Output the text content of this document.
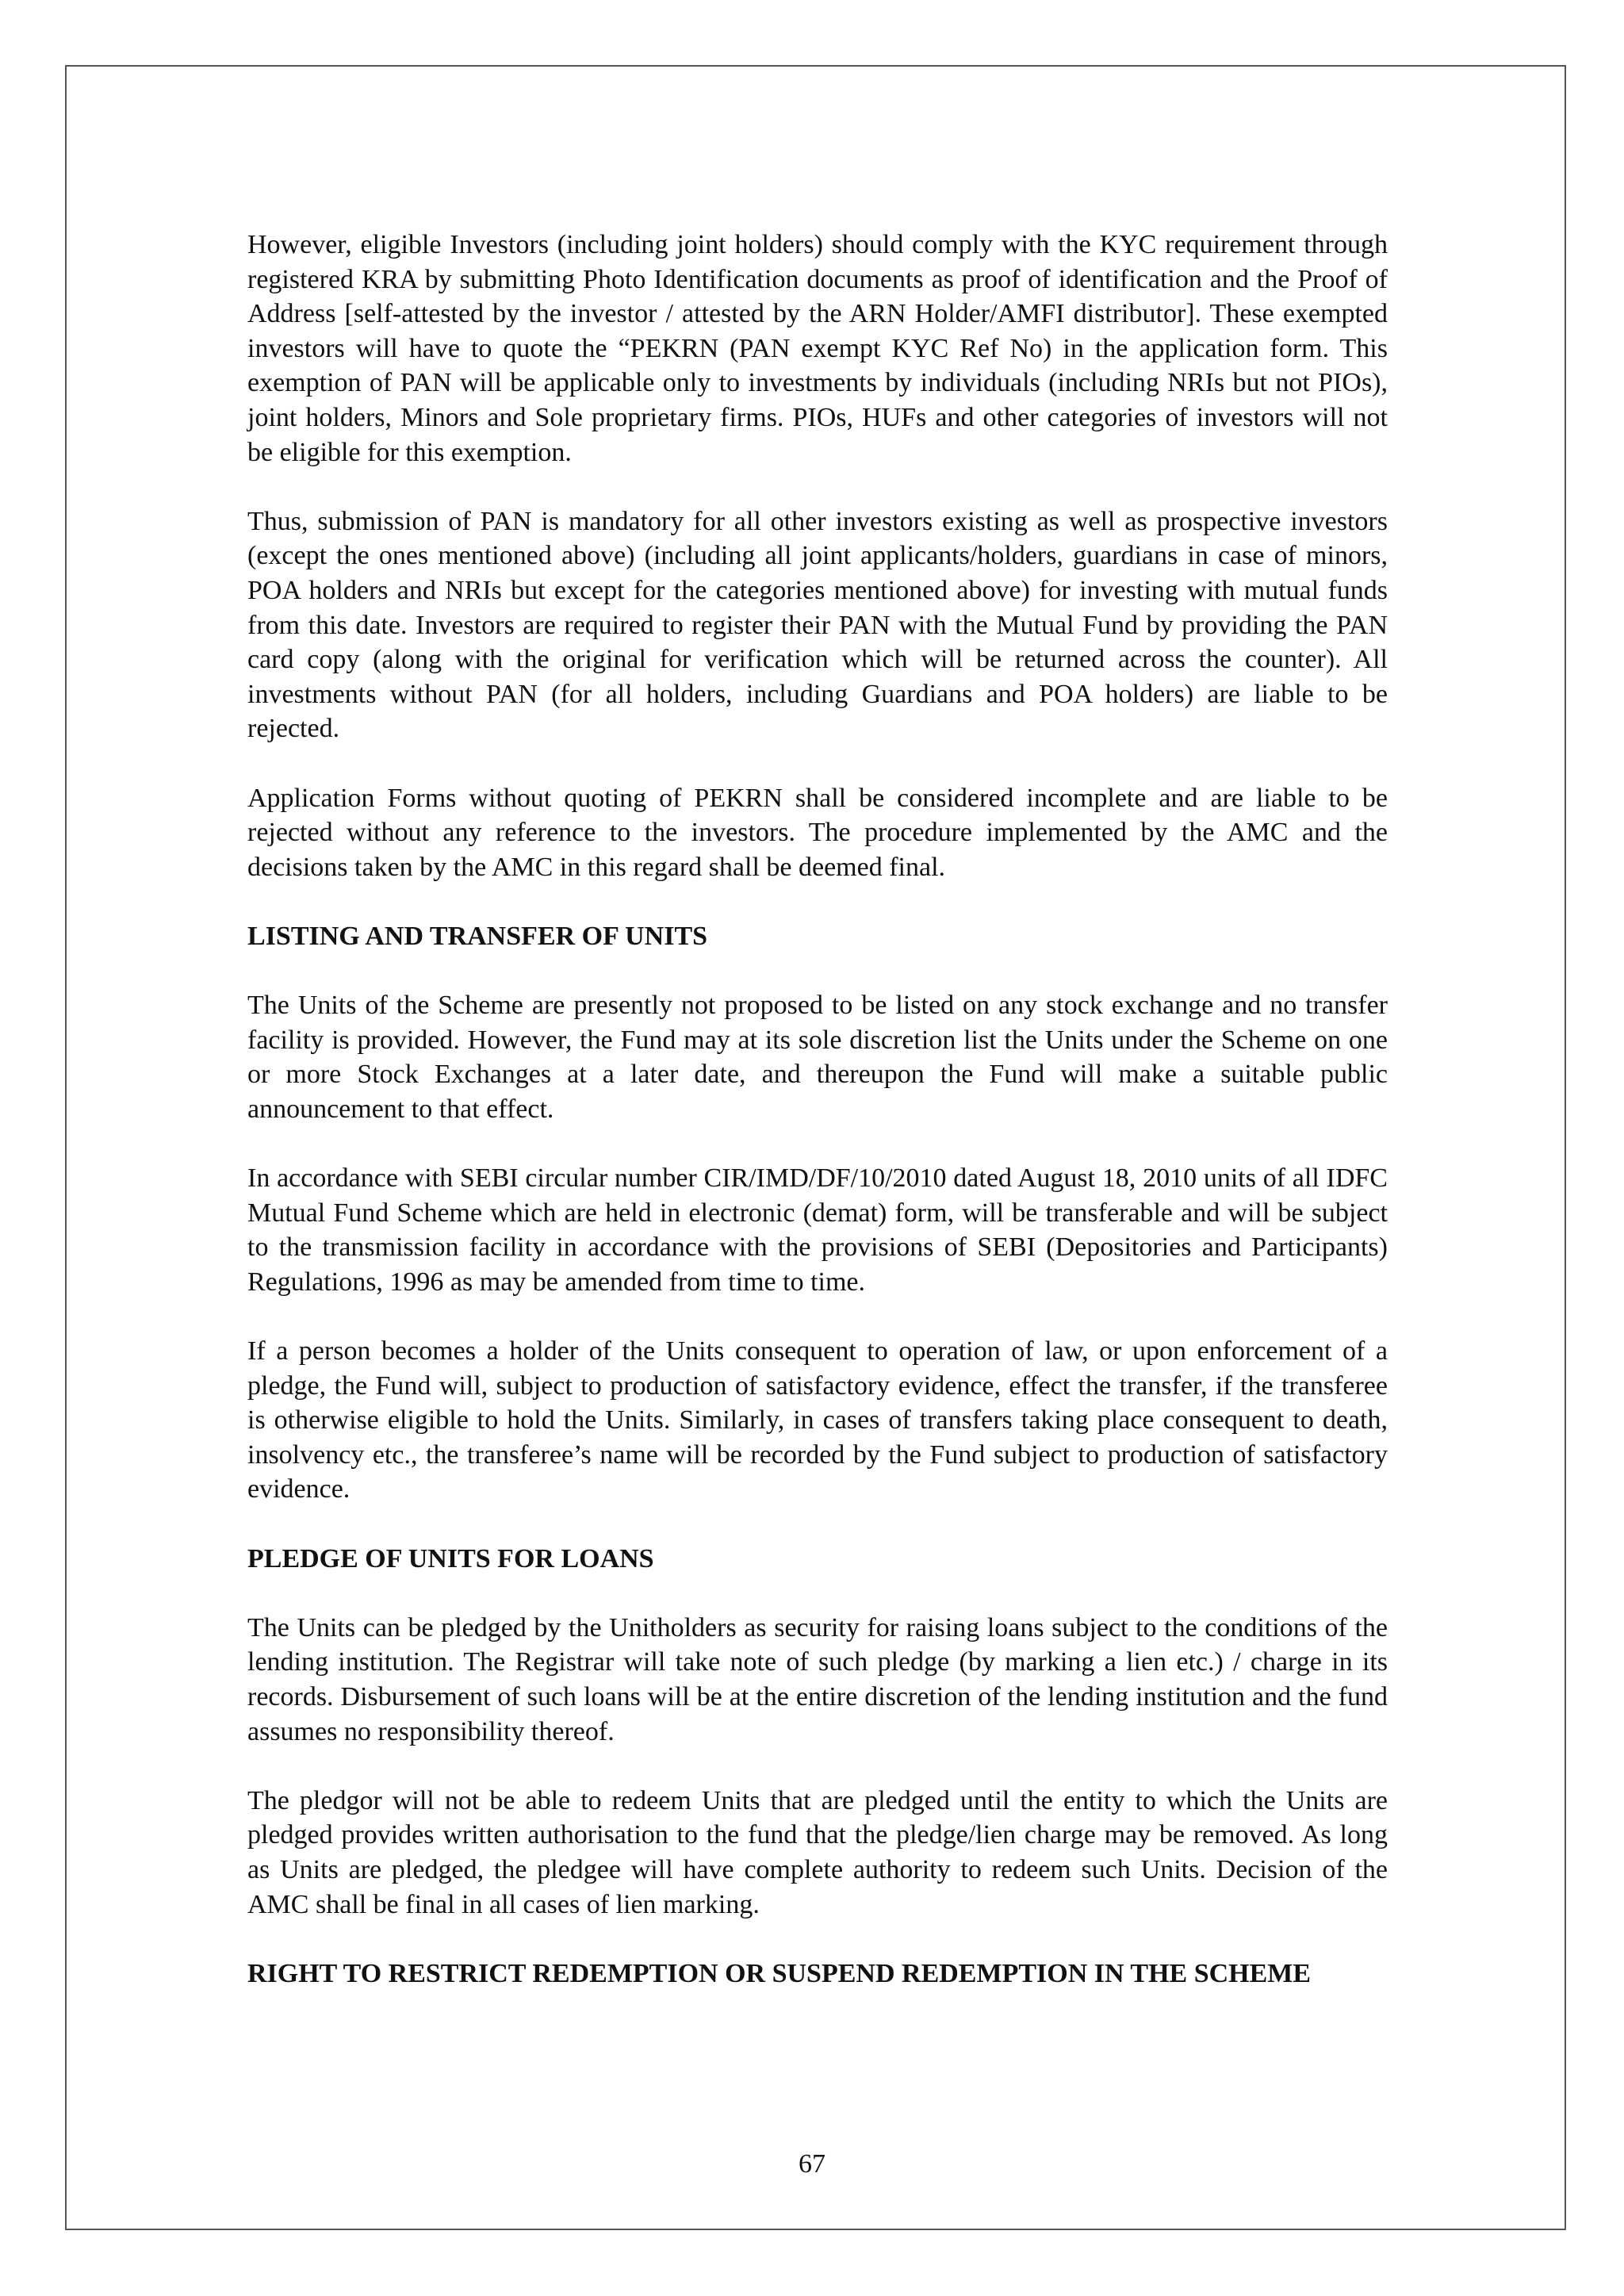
However, eligible Investors (including joint holders) should comply with the KYC requirement through registered KRA by submitting Photo Identification documents as proof of identification and the Proof of Address [self-attested by the investor / attested by the ARN Holder/AMFI distributor]. These exempted investors will have to quote the “PEKRN (PAN exempt KYC Ref No) in the application form. This exemption of PAN will be applicable only to investments by individuals (including NRIs but not PIOs), joint holders, Minors and Sole proprietary firms. PIOs, HUFs and other categories of investors will not be eligible for this exemption.

Thus, submission of PAN is mandatory for all other investors existing as well as prospective investors (except the ones mentioned above) (including all joint applicants/holders, guardians in case of minors, POA holders and NRIs but except for the categories mentioned above) for investing with mutual funds from this date. Investors are required to register their PAN with the Mutual Fund by providing the PAN card copy (along with the original for verification which will be returned across the counter). All investments without PAN (for all holders, including Guardians and POA holders) are liable to be rejected.

Application Forms without quoting of PEKRN shall be considered incomplete and are liable to be rejected without any reference to the investors. The procedure implemented by the AMC and the decisions taken by the AMC in this regard shall be deemed final.

LISTING AND TRANSFER OF UNITS

The Units of the Scheme are presently not proposed to be listed on any stock exchange and no transfer facility is provided. However, the Fund may at its sole discretion list the Units under the Scheme on one or more Stock Exchanges at a later date, and thereupon the Fund will make a suitable public announcement to that effect.

In accordance with SEBI circular number CIR/IMD/DF/10/2010 dated August 18, 2010 units of all IDFC Mutual Fund Scheme which are held in electronic (demat) form, will be transferable and will be subject to the transmission facility in accordance with the provisions of SEBI (Depositories and Participants) Regulations, 1996 as may be amended from time to time.

If a person becomes a holder of the Units consequent to operation of law, or upon enforcement of a pledge, the Fund will, subject to production of satisfactory evidence, effect the transfer, if the transferee is otherwise eligible to hold the Units. Similarly, in cases of transfers taking place consequent to death, insolvency etc., the transferee’s name will be recorded by the Fund subject to production of satisfactory evidence.

PLEDGE OF UNITS FOR LOANS

The Units can be pledged by the Unitholders as security for raising loans subject to the conditions of the lending institution. The Registrar will take note of such pledge (by marking a lien etc.) / charge in its records. Disbursement of such loans will be at the entire discretion of the lending institution and the fund assumes no responsibility thereof.

The pledgor will not be able to redeem Units that are pledged until the entity to which the Units are pledged provides written authorisation to the fund that the pledge/lien charge may be removed. As long as Units are pledged, the pledgee will have complete authority to redeem such Units. Decision of the AMC shall be final in all cases of lien marking.

RIGHT TO RESTRICT REDEMPTION OR SUSPEND REDEMPTION IN THE SCHEME
67
